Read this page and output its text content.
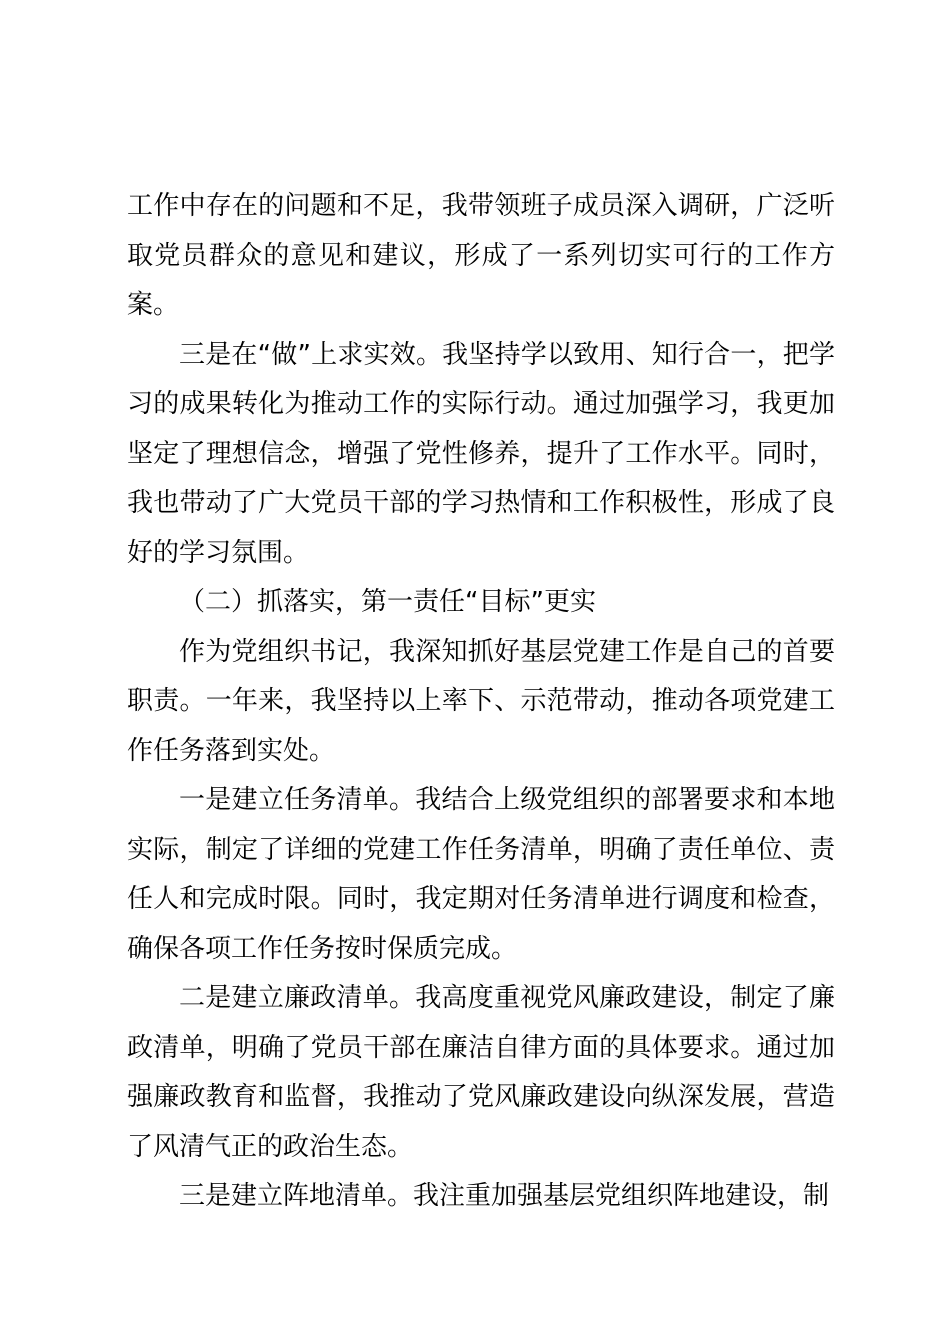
工作中存在的问题和不足，我带领班子成员深入调研，广泛听取党员群众的意见和建议，形成了一系列切实可行的工作方案。

三是在“做”上求实效。我坚持学以致用、知行合一，把学习的成果转化为推动工作的实际行动。通过加强学习，我更加坚定了理想信念，增强了党性修养，提升了工作水平。同时，我也带动了广大党员干部的学习热情和工作积极性，形成了良好的学习氛围。

（二）抓落实，第一责任“目标”更实

作为党组织书记，我深知抓好基层党建工作是自己的首要职责。一年来，我坚持以上率下、示范带动，推动各项党建工作任务落到实处。

一是建立任务清单。我结合上级党组织的部署要求和本地实际，制定了详细的党建工作任务清单，明确了责任单位、责任人和完成时限。同时，我定期对任务清单进行调度和检查，确保各项工作任务按时保质完成。

二是建立廉政清单。我高度重视党风廉政建设，制定了廉政清单，明确了党员干部在廉洁自律方面的具体要求。通过加强廉政教育和监督，我推动了党风廉政建设向纵深发展，营造了风清气正的政治生态。

三是建立阵地清单。我注重加强基层党组织阵地建设，制
